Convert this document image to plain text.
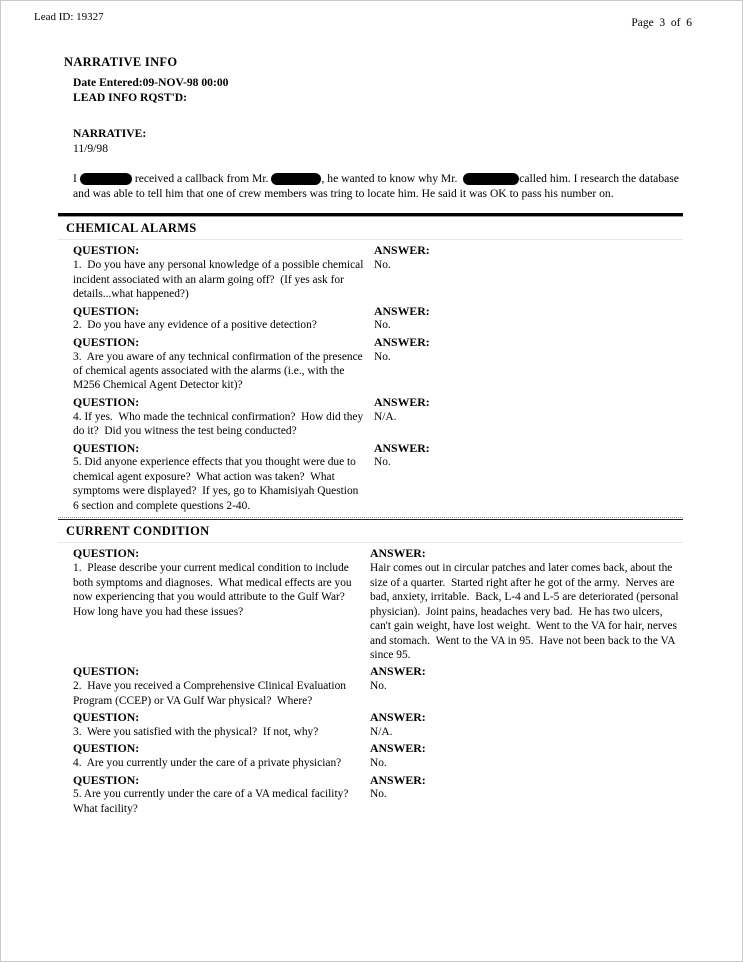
Lead ID: 19327	Page  3  of  6
NARRATIVE INFO

Date Entered:09-NOV-98 00:00

LEAD INFO RQST'D:

NARRATIVE:

11/9/98

I	received a callback from Mr.	, he wanted to know why Mr.	called him. I research the database and was able to tell him that one of crew members was tring to locate him. He said it was OK to pass his number on.

CHEMICAL ALARMS
QUESTION:
1.  Do you have any personal knowledge of a possible chemical incident associated with an alarm going off?  (If yes ask for details...what happened?)
ANSWER:
No.
QUESTION:
2.  Do you have any evidence of a positive detection?
ANSWER:
No.
QUESTION:
3.  Are you aware of any technical confirmation of the presence of chemical agents associated with the alarms (i.e., with the M256 Chemical Agent Detector kit)?
ANSWER:
No.
QUESTION:
4. If yes.  Who made the technical confirmation?  How did they do it?  Did you witness the test being conducted?
ANSWER:
N/A.
QUESTION:
5. Did anyone experience effects that you thought were due to chemical agent exposure?  What action was taken?  What symptoms were displayed?  If yes, go to Khamisiyah Question 6 section and complete questions 2-40.
ANSWER:
No.
CURRENT CONDITION
QUESTION:
1.  Please describe your current medical condition to include both symptoms and diagnoses.  What medical effects are you now experiencing that you would attribute to the Gulf War?  How long have you had these issues?
ANSWER:
Hair comes out in circular patches and later comes back, about the size of a quarter.  Started right after he got of the army.  Nerves are bad, anxiety, irritable.  Back, L-4 and L-5 are deteriorated (personal physician).  Joint pains, headaches very bad.  He has two ulcers, can't gain weight, have lost weight.  Went to the VA for hair, nerves and stomach.  Went to the VA in 95.  Have not been back to the VA since 95.
QUESTION:
2.  Have you received a Comprehensive Clinical Evaluation Program (CCEP) or VA Gulf War physical?  Where?
ANSWER:
No.
QUESTION:
3.  Were you satisfied with the physical?  If not, why?
ANSWER:
N/A.
QUESTION:
4.  Are you currently under the care of a private physician?
ANSWER:
No.
QUESTION:
5. Are you currently under the care of a VA medical facility?  What facility?
ANSWER:
No.
